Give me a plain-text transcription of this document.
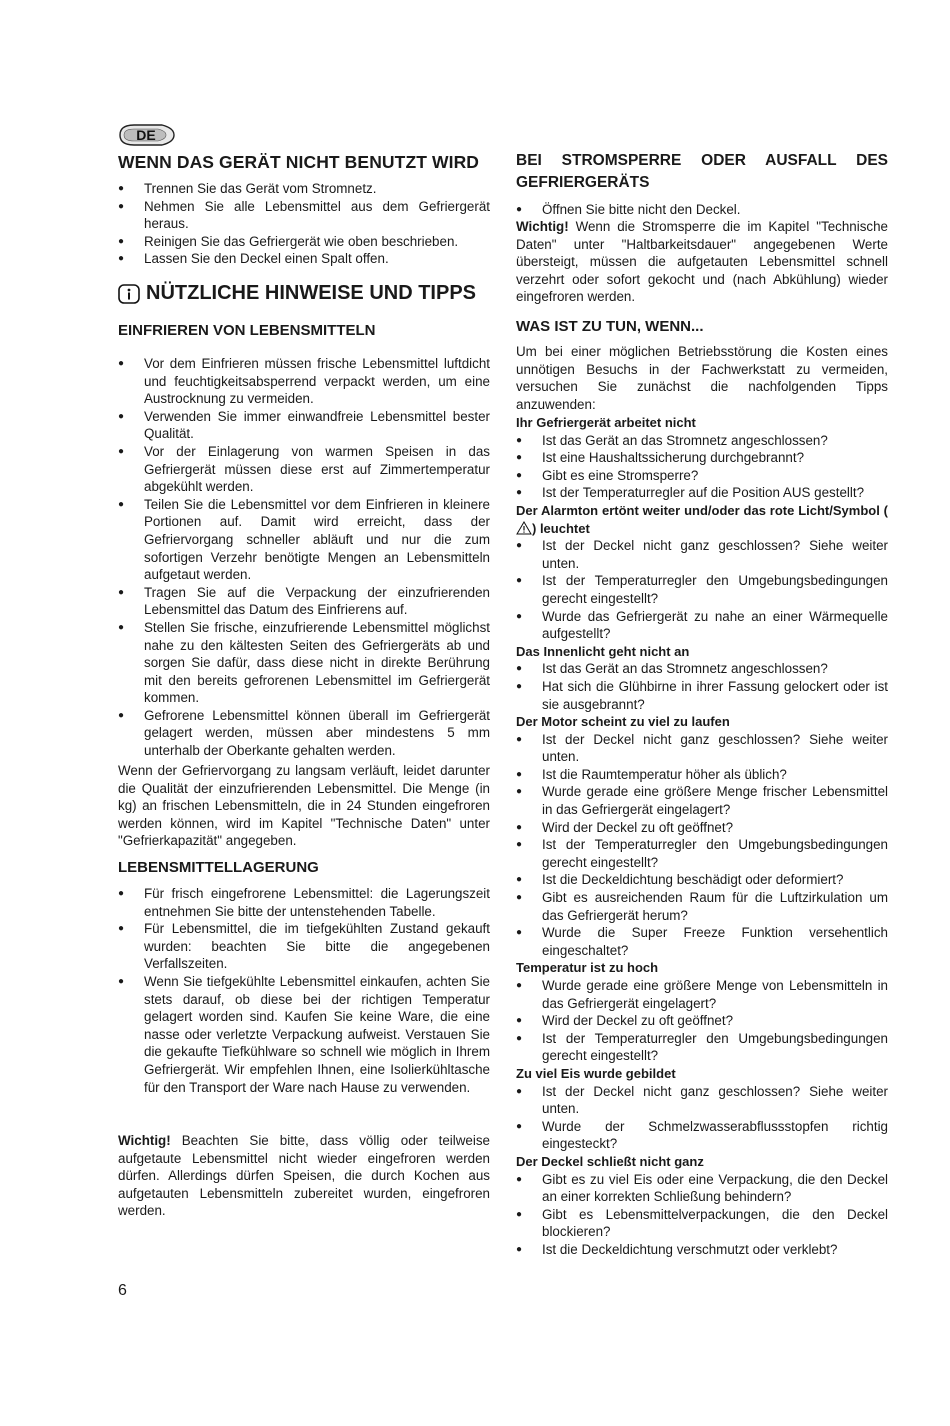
DE
WENN DAS GERÄT NICHT BENUTZT WIRD
● Trennen Sie das Gerät vom Stromnetz.
● Nehmen Sie alle Lebensmittel aus dem Gefriergerät heraus.
● Reinigen Sie das Gefriergerät wie oben beschrieben.
● Lassen Sie den Deckel einen Spalt offen.
NÜTZLICHE HINWEISE UND TIPPS
EINFRIEREN VON LEBENSMITTELN
● Vor dem Einfrieren müssen frische Lebensmittel luftdicht und feuchtigkeitsabsperrend verpackt werden, um eine Austrocknung zu vermeiden.
● Verwenden Sie immer einwandfreie Lebensmittel bester Qualität.
● Vor der Einlagerung von warmen Speisen in das Gefriergerät müssen diese erst auf Zimmertemperatur abgekühlt werden.
● Teilen Sie die Lebensmittel vor dem Einfrieren in kleinere Portionen auf. Damit wird erreicht, dass der Gefriervorgang schneller abläuft und nur die zum sofortigen Verzehr benötigte Mengen an Lebensmitteln aufgetaut werden.
● Tragen Sie auf die Verpackung der einzufrierenden Lebensmittel das Datum des Einfrierens auf.
● Stellen Sie frische, einzufrierende Lebensmittel möglichst nahe zu den kältesten Seiten des Gefriergeräts ab und sorgen Sie dafür, dass diese nicht in direkte Berührung mit den bereits gefrorenen Lebensmittel im Gefriergerät kommen.
● Gefrorene Lebensmittel können überall im Gefriergerät gelagert werden, müssen aber mindestens 5 mm unterhalb der Oberkante gehalten werden.

Wenn der Gefriervorgang zu langsam verläuft, leidet darunter die Qualität der einzufrierenden Lebensmittel. Die Menge (in kg) an frischen Lebensmitteln, die in 24 Stunden eingefroren werden können, wird im Kapitel "Technische Daten" unter "Gefrierkapazität" angegeben.

LEBENSMITTELLAGERUNG
● Für frisch eingefrorene Lebensmittel: die Lagerungszeit entnehmen Sie bitte der untenstehenden Tabelle.
● Für Lebensmittel, die im tiefgekühlten Zustand gekauft wurden: beachten Sie bitte die angegebenen Verfallszeiten.
● Wenn Sie tiefgekühlte Lebensmittel einkaufen, achten Sie stets darauf, ob diese bei der richtigen Temperatur gelagert worden sind. Kaufen Sie keine Ware, die eine nasse oder verletzte Verpackung aufweist. Verstauen Sie die gekaufte Tiefkühlware so schnell wie möglich in Ihrem Gefriergerät. Wir empfehlen Ihnen, eine Isolierkühltasche für den Transport der Ware nach Hause zu verwenden.

Wichtig! Beachten Sie bitte, dass völlig oder teilweise aufgetaute Lebensmittel nicht wieder eingefroren werden dürfen. Allerdings dürfen Speisen, die durch Kochen aus aufgetauten Lebensmitteln zubereitet wurden, eingefroren werden.

BEI STROMSPERRE ODER AUSFALL DES GEFRIERGERÄTS
● Öffnen Sie bitte nicht den Deckel.

Wichtig! Wenn die Stromsperre die im Kapitel "Technische Daten" unter "Haltbarkeitsdauer" angegebenen Werte übersteigt, müssen die aufgetauten Lebensmittel schnell verzehrt oder sofort gekocht und (nach Abkühlung) wieder eingefroren werden.

WAS IST ZU TUN, WENN...

Um bei einer möglichen Betriebsstörung die Kosten eines unnötigen Besuchs in der Fachwerkstatt zu vermeiden, versuchen Sie zunächst die nachfolgenden Tipps anzuwenden:

Ihr Gefriergerät arbeitet nicht
● Ist das Gerät an das Stromnetz angeschlossen?
● Ist eine Haushaltssicherung durchgebrannt?
● Gibt es eine Stromsperre?
● Ist der Temperaturregler auf die Position AUS gestellt?
Der Alarmton ertönt weiter und/oder das rote Licht/Symbol () leuchtet
● Ist der Deckel nicht ganz geschlossen? Siehe weiter unten.
● Ist der Temperaturregler den Umgebungsbedingungen gerecht eingestellt?
● Wurde das Gefriergerät zu nahe an einer Wärmequelle aufgestellt?
Das Innenlicht geht nicht an
● Ist das Gerät an das Stromnetz angeschlossen?
● Hat sich die Glühbirne in ihrer Fassung gelockert oder ist sie ausgebrannt?
Der Motor scheint zu viel zu laufen
● Ist der Deckel nicht ganz geschlossen? Siehe weiter unten.
● Ist die Raumtemperatur höher als üblich?
● Wurde gerade eine größere Menge frischer Lebensmittel in das Gefriergerät eingelagert?
● Wird der Deckel zu oft geöffnet?
● Ist der Temperaturregler den Umgebungsbedingungen gerecht eingestellt?
● Ist die Deckeldichtung beschädigt oder deformiert?
● Gibt es ausreichenden Raum für die Luftzirkulation um das Gefriergerät herum?
● Wurde die Super Freeze Funktion versehentlich eingeschaltet?
Temperatur ist zu hoch
● Wurde gerade eine größere Menge von Lebensmitteln in das Gefriergerät eingelagert?
● Wird der Deckel zu oft geöffnet?
● Ist der Temperaturregler den Umgebungsbedingungen gerecht eingestellt?
Zu viel Eis wurde gebildet
● Ist der Deckel nicht ganz geschlossen? Siehe weiter unten.
● Wurde der Schmelzwasserabflussstopfen richtig eingesteckt?
Der Deckel schließt nicht ganz
● Gibt es zu viel Eis oder eine Verpackung, die den Deckel an einer korrekten Schließung behindern?
● Gibt es Lebensmittelverpackungen, die den Deckel blockieren?
● Ist die Deckeldichtung verschmutzt oder verklebt?
6
